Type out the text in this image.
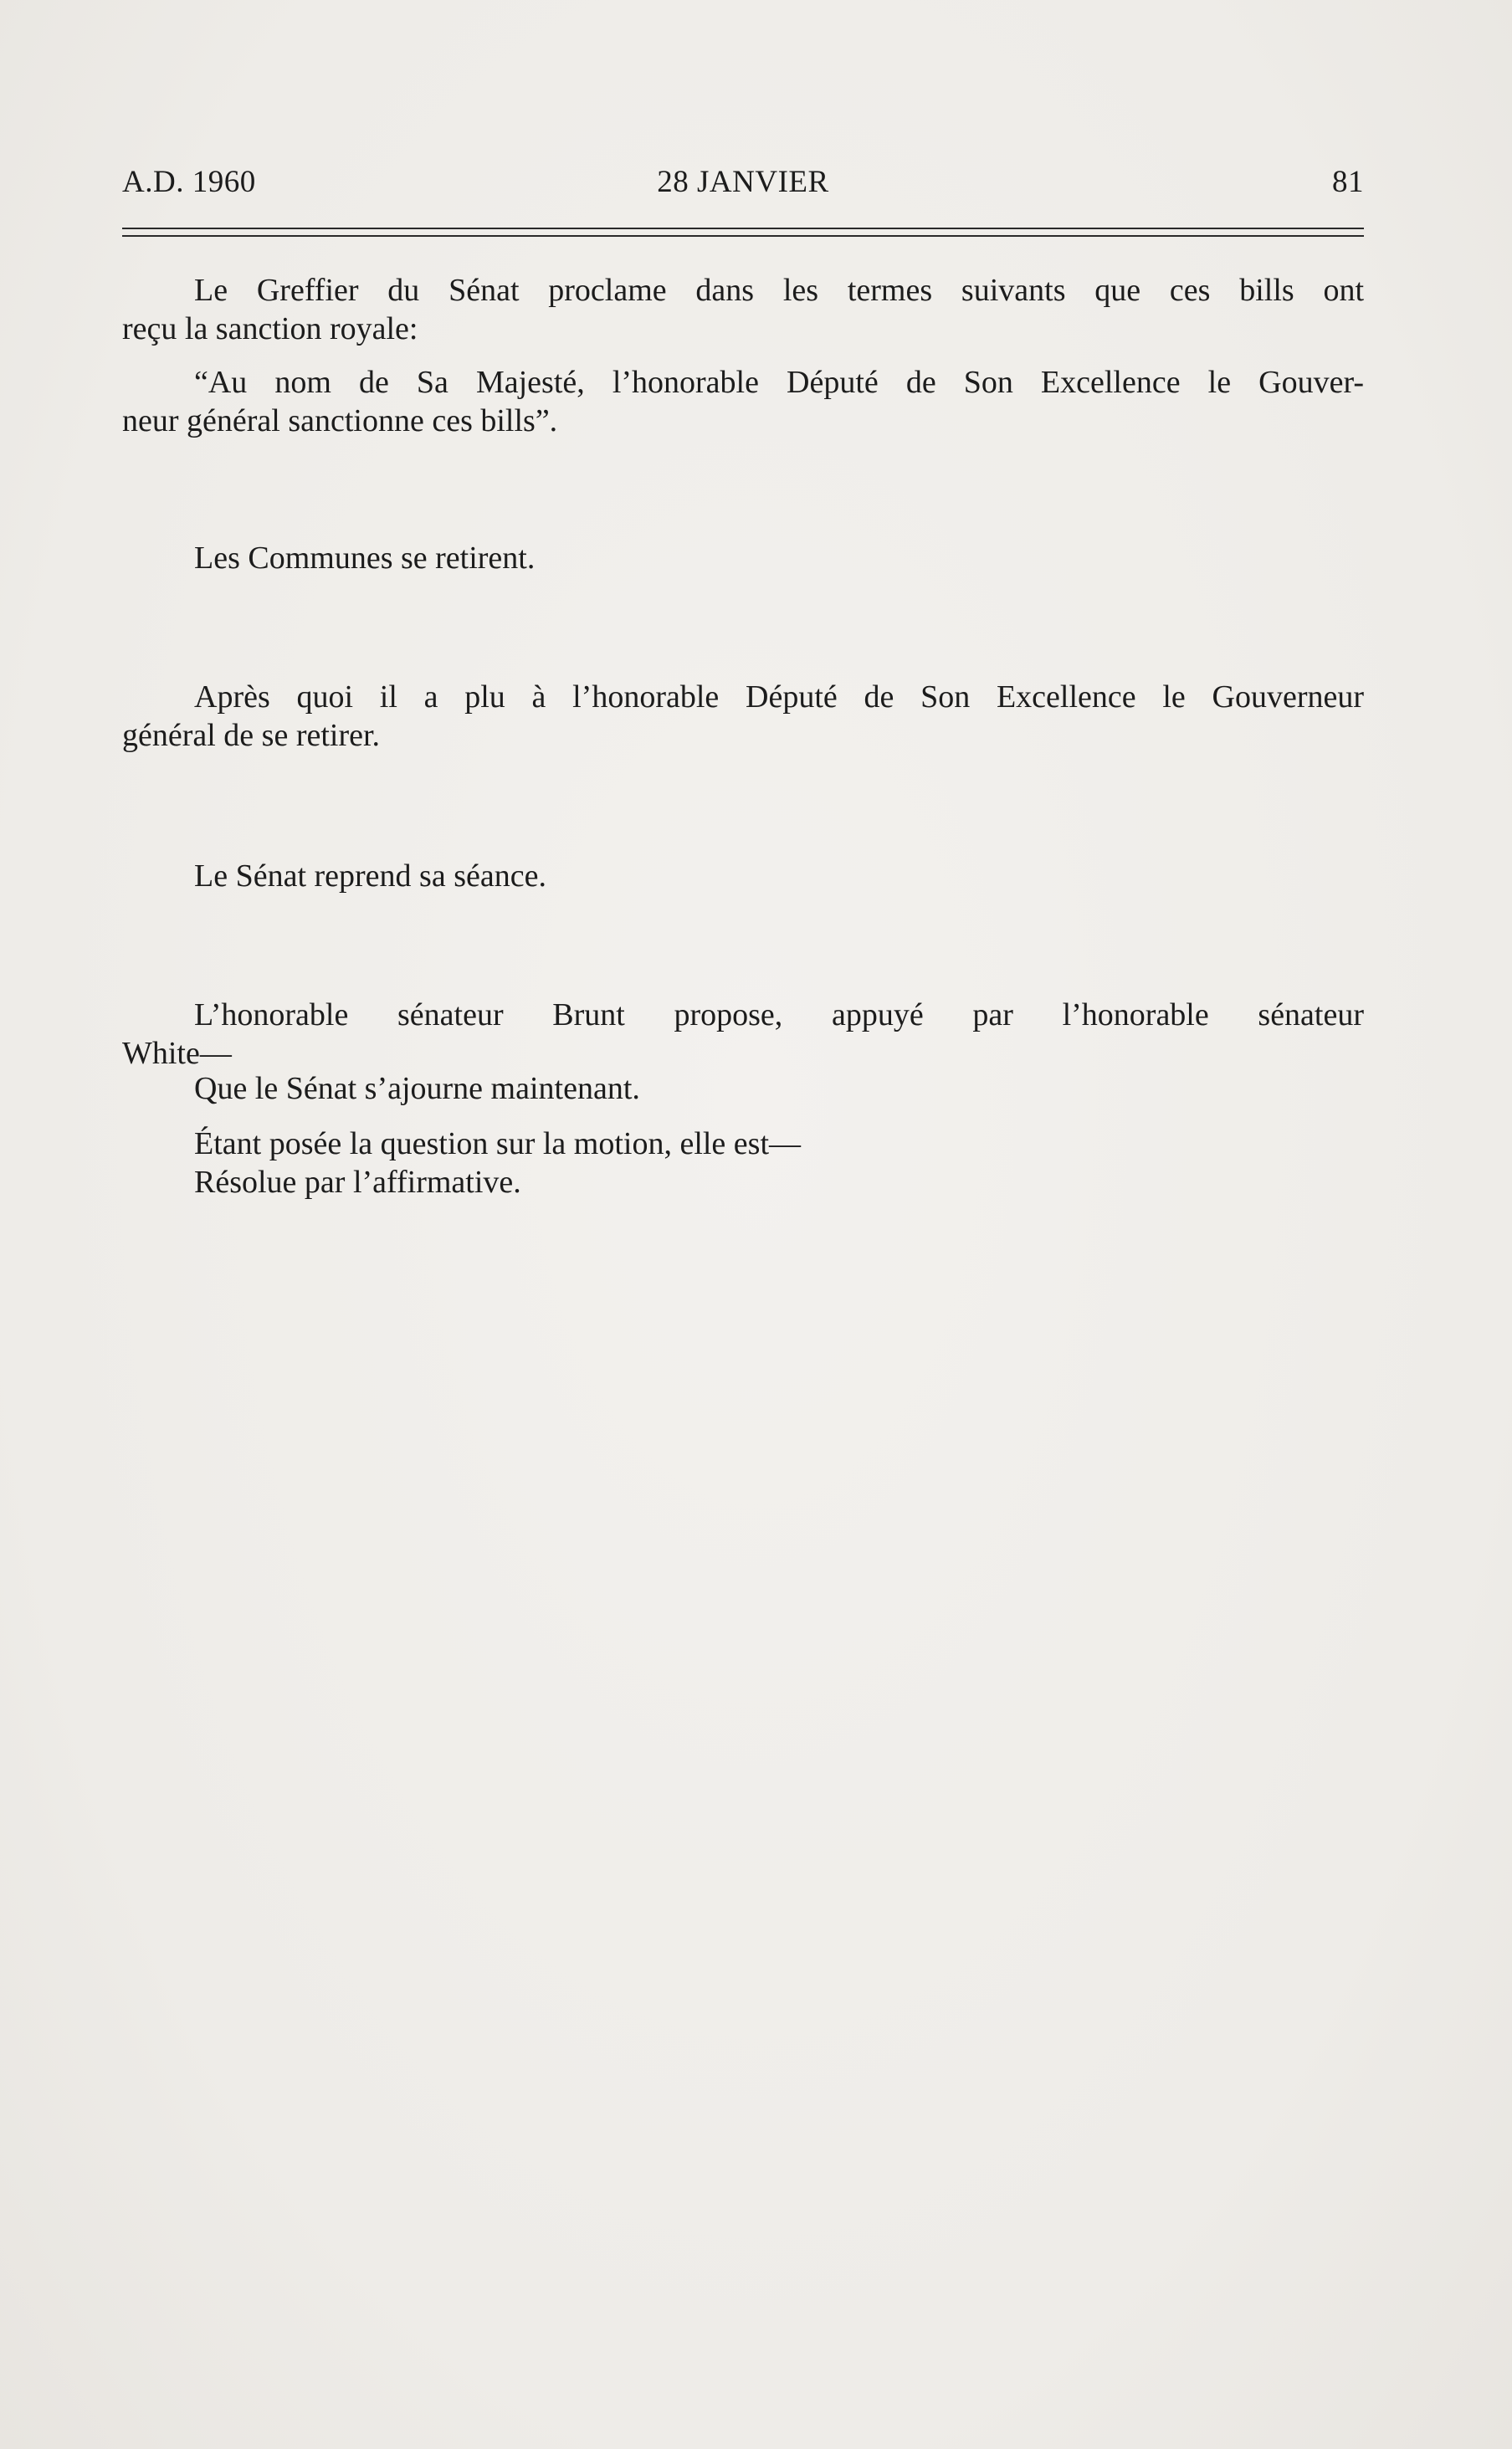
A.D. 1960	28 JANVIER	81

Le Greffier du Sénat proclame dans les termes suivants que ces bills ont

reçu la sanction royale:

“Au nom de Sa Majesté, l’honorable Député de Son Excellence le Gouver-

neur général sanctionne ces bills”.

Les Communes se retirent.

Après quoi il a plu à l’honorable Député de Son Excellence le Gouverneur

général de se retirer.

Le Sénat reprend sa séance.

L’honorable sénateur Brunt propose, appuyé par l’honorable sénateur

White—

Que le Sénat s’ajourne maintenant.

Étant posée la question sur la motion, elle est—

Résolue par l’affirmative.
